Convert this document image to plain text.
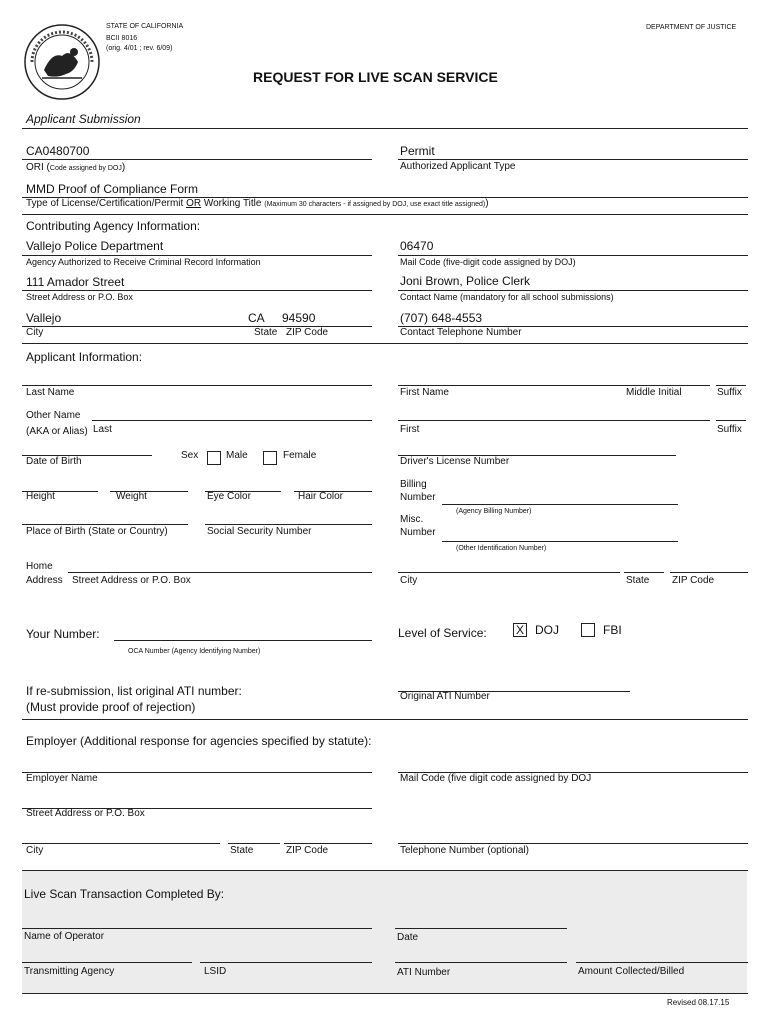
STATE OF CALIFORNIA
BCII 8016
(orig. 4/01 ; rev. 6/09)
DEPARTMENT OF JUSTICE
REQUEST FOR LIVE SCAN SERVICE
Applicant Submission
CA0480700
ORI (Code assigned by DOJ)
Permit
Authorized Applicant Type
MMD Proof of Compliance Form
Type of License/Certification/Permit OR Working Title (Maximum 30 characters - if assigned by DOJ, use exact title assigned))
Contributing Agency Information:
Vallejo Police Department
Agency Authorized to Receive Criminal Record Information
06470
Mail Code (five-digit code assigned by DOJ)
111 Amador Street
Street Address or P.O. Box
Joni Brown, Police Clerk
Contact Name (mandatory for all school submissions)
Vallejo	CA 94590
City	State ZIP Code
(707) 648-4553
Contact Telephone Number
Applicant Information:
Last Name	First Name	Middle Initial	Suffix
Other Name
(AKA or Alias) Last	First	Suffix
Date of Birth
Sex	Male	Female
Driver's License Number
Height	Weight	Eye Color	Hair Color
Billing
Number
(Agency Billing Number)
Place of Birth (State or Country)	Social Security Number
Misc.
Number
(Other Identification Number)
Home
Address Street Address or P.O. Box	City	State ZIP Code
Your Number:
OCA Number (Agency Identifying Number)
Level of Service: X DOJ	FBI
If re-submission, list original ATI number:
(Must provide proof of rejection)
Original ATI Number
Employer (Additional response for agencies specified by statute):
Employer Name	Mail Code (five digit code assigned by DOJ
Street Address or P.O. Box
City	State	ZIP Code	Telephone Number (optional)
Live Scan Transaction Completed By:
Name of Operator	Date
Transmitting Agency	LSID	ATI Number	Amount Collected/Billed
Revised 08.17.15
